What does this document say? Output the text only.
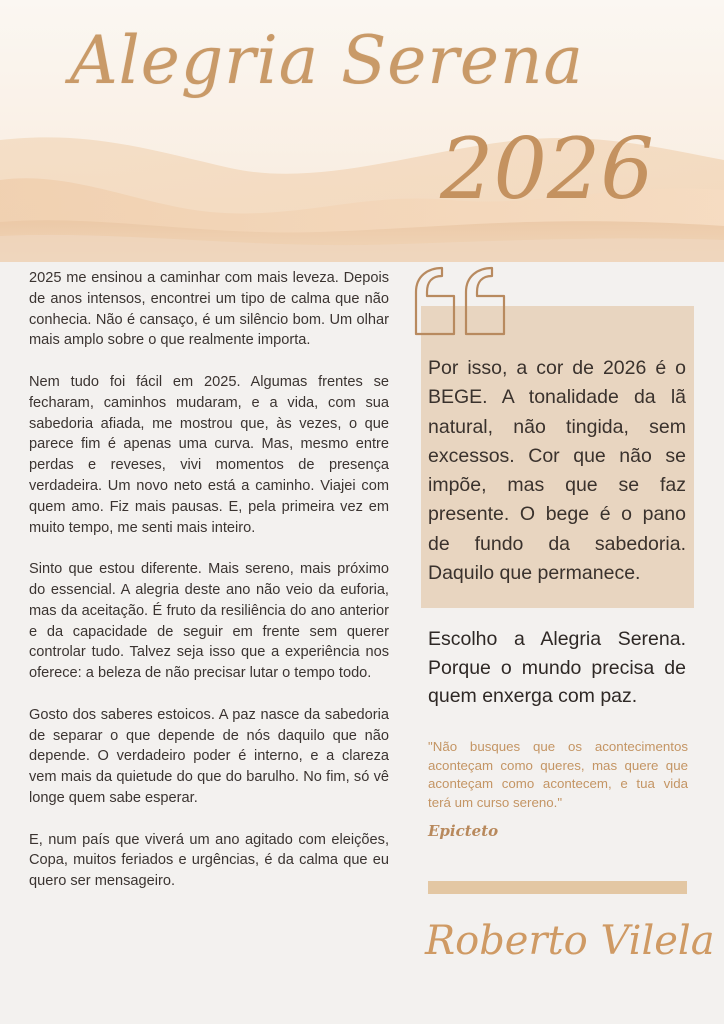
Alegria Serena
2026

2025 me ensinou a caminhar com mais leveza. Depois de anos intensos, encontrei um tipo de calma que não conhecia. Não é cansaço, é um silêncio bom. Um olhar mais amplo sobre o que realmente importa.

Nem tudo foi fácil em 2025. Algumas frentes se fecharam, caminhos mudaram, e a vida, com sua sabedoria afiada, me mostrou que, às vezes, o que parece fim é apenas uma curva. Mas, mesmo entre perdas e reveses, vivi momentos de presença verdadeira. Um novo neto está a caminho. Viajei com quem amo. Fiz mais pausas. E, pela primeira vez em muito tempo, me senti mais inteiro.

Sinto que estou diferente. Mais sereno, mais próximo do essencial. A alegria deste ano não veio da euforia, mas da aceitação. É fruto da resiliência do ano anterior e da capacidade de seguir em frente sem querer controlar tudo. Talvez seja isso que a experiência nos oferece: a beleza de não precisar lutar o tempo todo.

Gosto dos saberes estoicos. A paz nasce da sabedoria de separar o que depende de nós daquilo que não depende. O verdadeiro poder é interno, e a clareza vem mais da quietude do que do barulho. No fim, só vê longe quem sabe esperar.

E, num país que viverá um ano agitado com eleições, Copa, muitos feriados e urgências, é da calma que eu quero ser mensageiro.

Por isso, a cor de 2026 é o BEGE. A tonalidade da lã natural, não tingida, sem excessos. Cor que não se impõe, mas que se faz presente. O bege é o pano de fundo da sabedoria. Daquilo que permanece.
Escolho a Alegria Serena. Porque o mundo precisa de quem enxerga com paz.
"Não busques que os acontecimentos aconteçam como queres, mas quere que aconteçam como acontecem, e tua vida terá um curso sereno."
Epicteto
Roberto Vilela
